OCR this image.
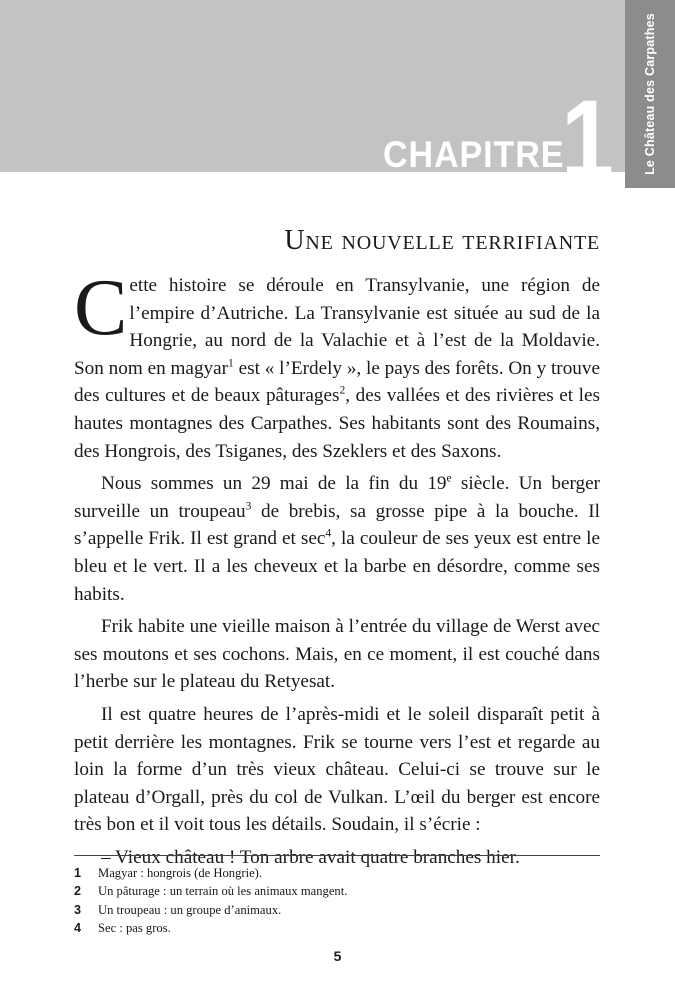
Le Château des Carpathes
CHAPITRE
1
Une nouvelle terrifiante

Cette histoire se déroule en Transylvanie, une région de l’empire d’Autriche. La Transylvanie est située au sud de la Hongrie, au nord de la Valachie et à l’est de la Moldavie. Son nom en magyar$^1$ est « l’Erdely », le pays des forêts. On y trouve des cultures et de beaux pâturages$^2$, des vallées et des rivières et les hautes montagnes des Carpathes. Ses habitants sont des Roumains, des Hongrois, des Tsiganes, des Szeklers et des Saxons.

Nous sommes un 29 mai de la fin du 19e siècle. Un berger surveille un troupeau$^3$ de brebis, sa grosse pipe à la bouche. Il s’appelle Frik. Il est grand et $\sec^4$, la couleur de ses yeux est entre le bleu et le vert. Il a les cheveux et la barbe en désordre, comme ses habits.

Frik habite une vieille maison à l’entrée du village de Werst avec ses moutons et ses cochons. Mais, en ce moment, il est couché dans l’herbe sur le plateau du Retyesat.

Il est quatre heures de l’après-midi et le soleil disparaît petit à petit derrière les montagnes. Frik se tourne vers l’est et regarde au loin la forme d’un très vieux château. Celui-ci se trouve sur le plateau d’Orgall, près du col de Vulkan. L’œil du berger est encore très bon et il voit tous les détails. Soudain, il s’écrie :

– Vieux château ! Ton arbre avait quatre branches hier.

1	Magyar : hongrois (de Hongrie).
2	Un pâturage : un terrain où les animaux mangent.
3	Un troupeau : un groupe d’animaux.
4	Sec : pas gros.
5
